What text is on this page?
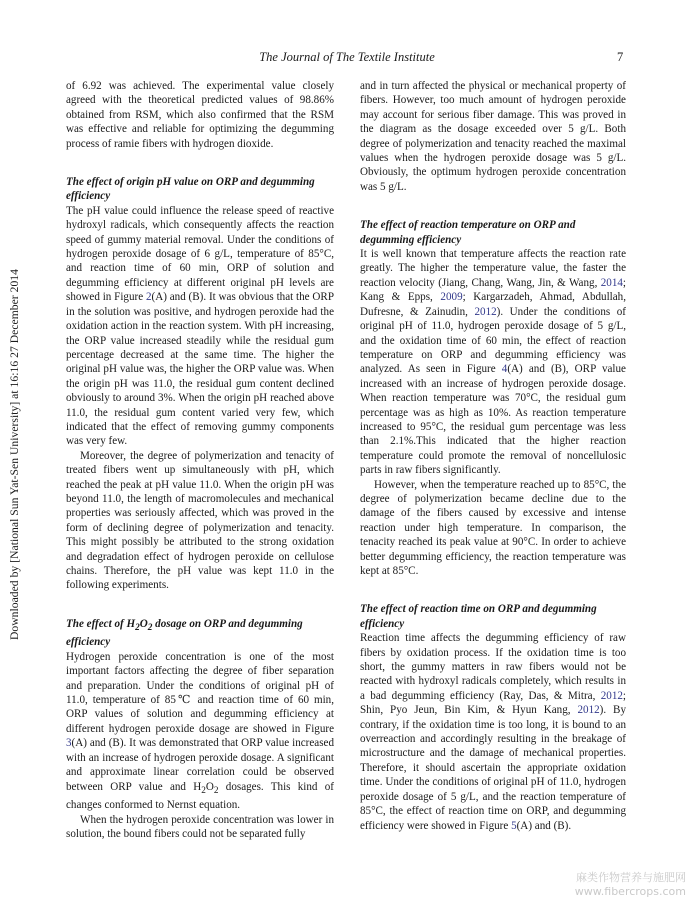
The Journal of The Textile Institute	7
Downloaded by [National Sun Yat-Sen University] at 16:16 27 December 2014

of 6.92 was achieved. The experimental value closely agreed with the theoretical predicted values of 98.86% obtained from RSM, which also confirmed that the RSM was effective and reliable for optimizing the degumming process of ramie fibers with hydrogen dioxide.

The effect of origin pH value on ORP and degumming efficiency

The pH value could influence the release speed of reactive hydroxyl radicals, which consequently affects the reaction speed of gummy material removal. Under the conditions of hydrogen peroxide dosage of 6 g/L, temperature of 85°C, and reaction time of 60 min, ORP of solution and degumming efficiency at different original pH levels are showed in Figure 2(A) and (B). It was obvious that the ORP in the solution was positive, and hydrogen peroxide had the oxidation action in the reaction system. With pH increasing, the ORP value increased steadily while the residual gum percentage decreased at the same time. The higher the original pH value was, the higher the ORP value was. When the origin pH was 11.0, the residual gum content declined obviously to around 3%. When the origin pH reached above 11.0, the residual gum content varied very few, which indicated that the effect of removing gummy components was very few.

Moreover, the degree of polymerization and tenacity of treated fibers went up simultaneously with pH, which reached the peak at pH value 11.0. When the origin pH was beyond 11.0, the length of macromolecules and mechanical properties was seriously affected, which was proved in the form of declining degree of polymerization and tenacity. This might possibly be attributed to the strong oxidation and degradation effect of hydrogen peroxide on cellulose chains. Therefore, the pH value was kept 11.0 in the following experiments.

The effect of $H_2O_2$ dosage on ORP and degumming efficiency

Hydrogen peroxide concentration is one of the most important factors affecting the degree of fiber separation and preparation. Under the conditions of original pH of 11.0, temperature of 85℃ and reaction time of 60 min, ORP values of solution and degumming efficiency at different hydrogen peroxide dosage are showed in Figure 3(A) and (B). It was demonstrated that ORP value increased with an increase of hydrogen peroxide dosage. A significant and approximate linear correlation could be observed between ORP value and $H_2O_2$ dosages. This kind of changes conformed to Nernst equation.

When the hydrogen peroxide concentration was lower in solution, the bound fibers could not be separated fully

and in turn affected the physical or mechanical property of fibers. However, too much amount of hydrogen peroxide may account for serious fiber damage. This was proved in the diagram as the dosage exceeded over 5 g/L. Both degree of polymerization and tenacity reached the maximal values when the hydrogen peroxide dosage was 5 g/L. Obviously, the optimum hydrogen peroxide concentration was 5 g/L.

The effect of reaction temperature on ORP and degumming efficiency

It is well known that temperature affects the reaction rate greatly. The higher the temperature value, the faster the reaction velocity (Jiang, Chang, Wang, Jin, & Wang, 2014; Kang & Epps, 2009; Kargarzadeh, Ahmad, Abdullah, Dufresne, & Zainudin, 2012). Under the conditions of original pH of 11.0, hydrogen peroxide dosage of 5 g/L, and the oxidation time of 60 min, the effect of reaction temperature on ORP and degumming efficiency was analyzed. As seen in Figure 4(A) and (B), ORP value increased with an increase of hydrogen peroxide dosage. When reaction temperature was 70°C, the residual gum percentage was as high as 10%. As reaction temperature increased to 95°C, the residual gum percentage was less than 2.1%.This indicated that the higher reaction temperature could promote the removal of noncellulosic parts in raw fibers significantly.

However, when the temperature reached up to 85°C, the degree of polymerization became decline due to the damage of the fibers caused by excessive and intense reaction under high temperature. In comparison, the tenacity reached its peak value at 90°C. In order to achieve better degumming efficiency, the reaction temperature was kept at 85°C.

The effect of reaction time on ORP and degumming efficiency

Reaction time affects the degumming efficiency of raw fibers by oxidation process. If the oxidation time is too short, the gummy matters in raw fibers would not be reacted with hydroxyl radicals completely, which results in a bad degumming efficiency (Ray, Das, & Mitra, 2012; Shin, Pyo Jeun, Bin Kim, & Hyun Kang, 2012). By contrary, if the oxidation time is too long, it is bound to an overreaction and accordingly resulting in the breakage of microstructure and the damage of mechanical properties. Therefore, it should ascertain the appropriate oxidation time. Under the conditions of original pH of 11.0, hydrogen peroxide dosage of 5 g/L, and the reaction temperature of 85°C, the effect of reaction time on ORP, and degumming efficiency were showed in Figure 5(A) and (B).

麻类作物营养与施肥网
www.fibercrops.com
